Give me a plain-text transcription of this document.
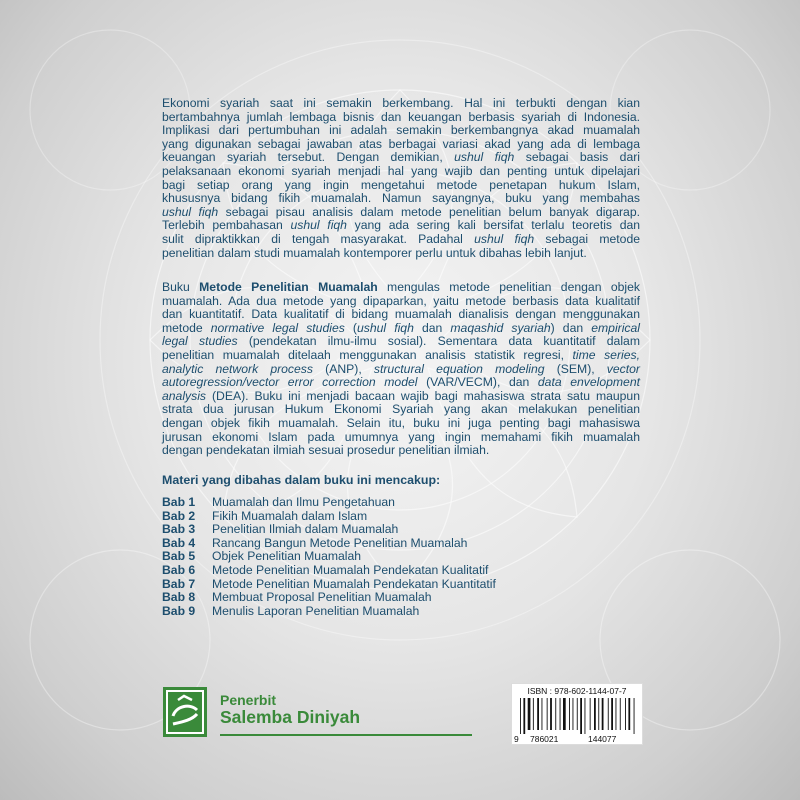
Ekonomi syariah saat ini semakin berkembang. Hal ini terbukti dengan kian
bertambahnya jumlah lembaga bisnis dan keuangan berbasis syariah di Indonesia.
Implikasi dari pertumbuhan ini adalah semakin berkembangnya akad muamalah
yang digunakan sebagai jawaban atas berbagai variasi akad yang ada di lembaga
keuangan syariah tersebut. Dengan demikian, ushul fiqh sebagai basis dari
pelaksanaan ekonomi syariah menjadi hal yang wajib dan penting untuk dipelajari
bagi setiap orang yang ingin mengetahui metode penetapan hukum Islam,
khususnya bidang fikih muamalah. Namun sayangnya, buku yang membahas
ushul fiqh sebagai pisau analisis dalam metode penelitian belum banyak digarap.
Terlebih pembahasan ushul fiqh yang ada sering kali bersifat terlalu teoretis dan
sulit dipraktikkan di tengah masyarakat. Padahal ushul fiqh sebagai metode
penelitian dalam studi muamalah kontemporer perlu untuk dibahas lebih lanjut.
Buku Metode Penelitian Muamalah mengulas metode penelitian dengan objek
muamalah. Ada dua metode yang dipaparkan, yaitu metode berbasis data kualitatif
dan kuantitatif. Data kualitatif di bidang muamalah dianalisis dengan menggunakan
metode normative legal studies (ushul fiqh dan maqashid syariah) dan empirical
legal studies (pendekatan ilmu-ilmu sosial). Sementara data kuantitatif dalam
penelitian muamalah ditelaah menggunakan analisis statistik regresi, time series,
analytic network process (ANP), structural equation modeling (SEM), vector
autoregression/vector error correction model (VAR/VECM), dan data envelopment
analysis (DEA). Buku ini menjadi bacaan wajib bagi mahasiswa strata satu maupun
strata dua jurusan Hukum Ekonomi Syariah yang akan melakukan penelitian
dengan objek fikih muamalah. Selain itu, buku ini juga penting bagi mahasiswa
jurusan ekonomi Islam pada umumnya yang ingin memahami fikih muamalah
dengan pendekatan ilmiah sesuai prosedur penelitian ilmiah.
Materi yang dibahas dalam buku ini mencakup:
Bab 1	Muamalah dan Ilmu Pengetahuan
Bab 2	Fikih Muamalah dalam Islam
Bab 3	Penelitian Ilmiah dalam Muamalah
Bab 4	Rancang Bangun Metode Penelitian Muamalah
Bab 5	Objek Penelitian Muamalah
Bab 6	Metode Penelitian Muamalah Pendekatan Kualitatif
Bab 7	Metode Penelitian Muamalah Pendekatan Kuantitatif
Bab 8	Membuat Proposal Penelitian Muamalah
Bab 9	Menulis Laporan Penelitian Muamalah
Penerbit
Salemba Diniyah
ISBN : 978-602-1144-07-7
9 786021	144077
